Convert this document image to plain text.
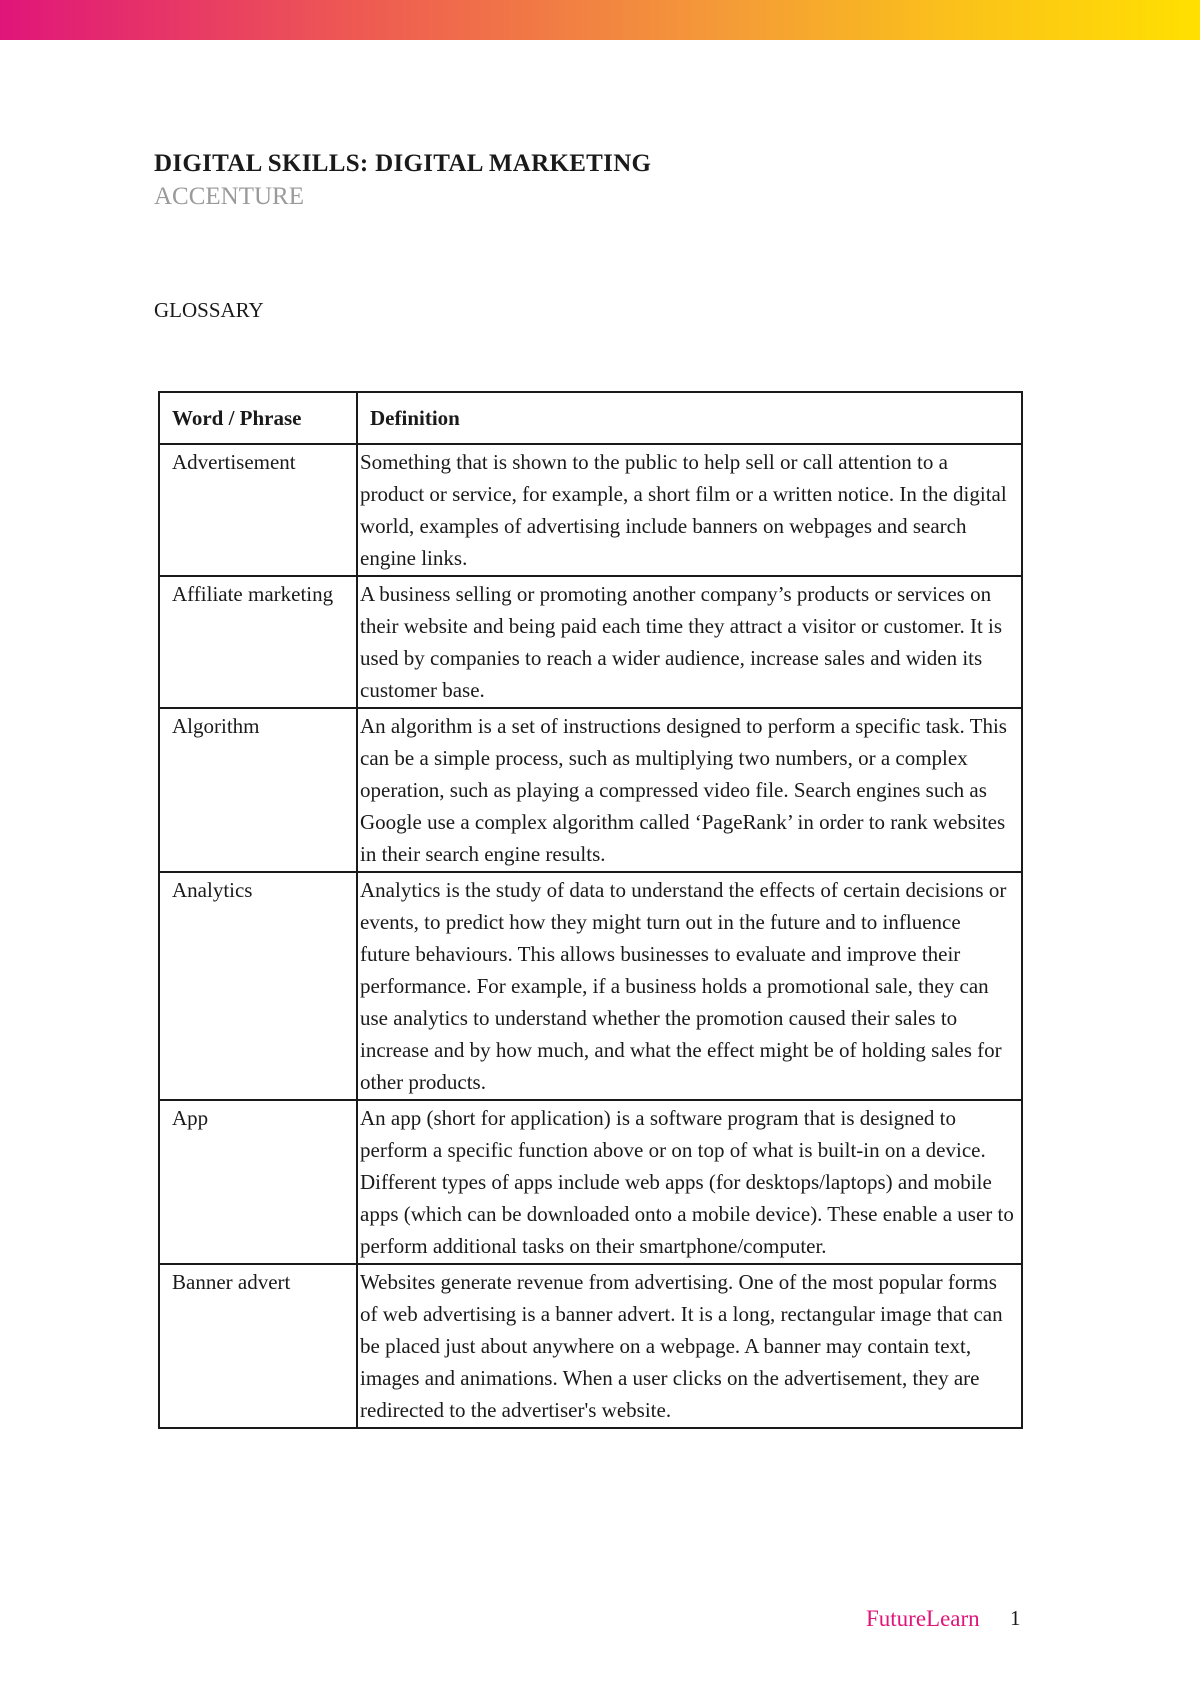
DIGITAL SKILLS: DIGITAL MARKETING
ACCENTURE
GLOSSARY
Word / Phrase	Definition
Advertisement	Something that is shown to the public to help sell or call attention to a product or service, for example, a short film or a written notice. In the digital world, examples of advertising include banners on webpages and search engine links.
Affiliate marketing	A business selling or promoting another company’s products or services on their website and being paid each time they attract a visitor or customer. It is used by companies to reach a wider audience, increase sales and widen its customer base.
Algorithm	An algorithm is a set of instructions designed to perform a specific task. This can be a simple process, such as multiplying two numbers, or a complex operation, such as playing a compressed video file. Search engines such as Google use a complex algorithm called ‘PageRank’ in order to rank websites in their search engine results.
Analytics	Analytics is the study of data to understand the effects of certain decisions or events, to predict how they might turn out in the future and to influence future behaviours. This allows businesses to evaluate and improve their performance. For example, if a business holds a promotional sale, they can use analytics to understand whether the promotion caused their sales to increase and by how much, and what the effect might be of holding sales for other products.
App	An app (short for application) is a software program that is designed to perform a specific function above or on top of what is built-in on a device. Different types of apps include web apps (for desktops/laptops) and mobile apps (which can be downloaded onto a mobile device). These enable a user to perform additional tasks on their smartphone/computer.
Banner advert	Websites generate revenue from advertising. One of the most popular forms of web advertising is a banner advert. It is a long, rectangular image that can be placed just about anywhere on a webpage. A banner may contain text, images and animations. When a user clicks on the advertisement, they are redirected to the advertiser's website.
FutureLearn 1
